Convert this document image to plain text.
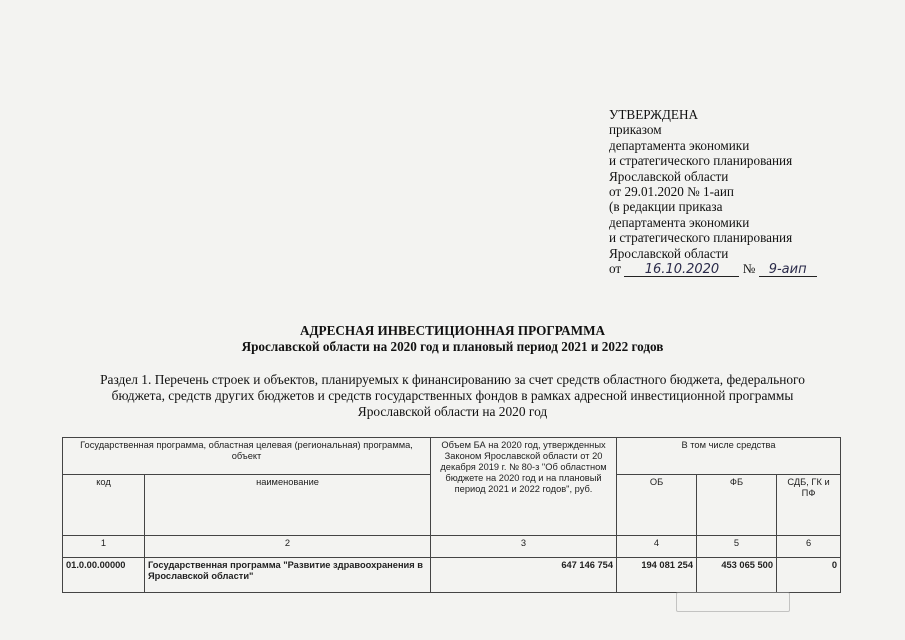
УТВЕРЖДЕНА
приказом
департамента экономики
и стратегического планирования
Ярославской области
от 29.01.2020 № 1-аип
(в редакции приказа
департамента экономики
и стратегического планирования
Ярославской области
от 16.10.2020 № 9-аип
АДРЕСНАЯ ИНВЕСТИЦИОННАЯ ПРОГРАММА
Ярославской области на 2020 год и плановый период 2021 и 2022 годов
Раздел 1. Перечень строек и объектов, планируемых к финансированию за счет средств областного бюджета, федерального бюджета, средств других бюджетов и средств государственных фондов в рамках адресной инвестиционной программы Ярославской области на 2020 год
Государственная программа, областная целевая (региональная) программа, объект		Объем БА на 2020 год, утвержденных Законом Ярославской области от 20 декабря 2019 г. № 80-з "Об областном бюджете на 2020 год и на плановый период 2021 и 2022 годов", руб.	В том числе средства		
код	наименование		ОБ	ФБ	СДБ, ГК и ПФ
1	2	3	4	5	6
01.0.00.00000	Государственная программа "Развитие здравоохранения в Ярославской области"	647 146 754	194 081 254	453 065 500	0
